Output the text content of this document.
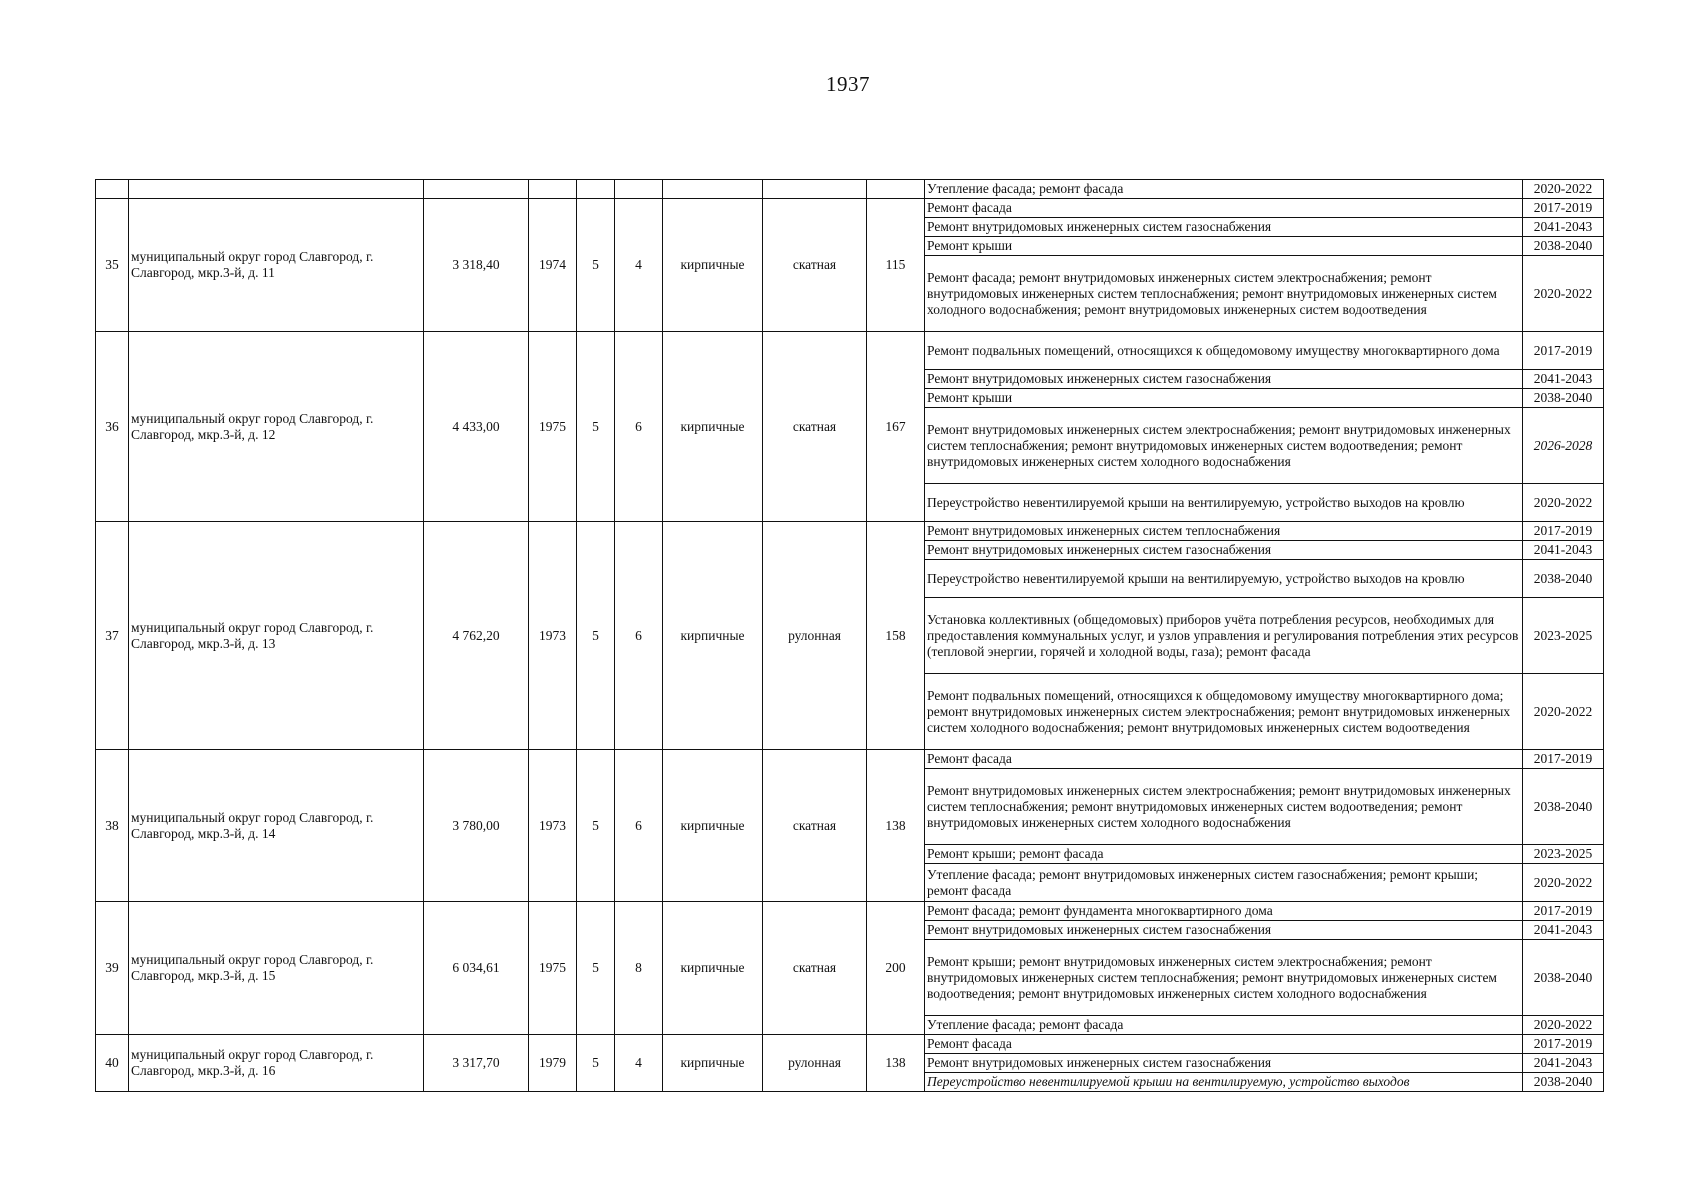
1937
									Утепление фасада; ремонт фасада	2020-2022
35	муниципальный округ город Славгород, г. Славгород, мкр.3-й, д. 11	3 318,40	1974	5	4	кирпичные	скатная	115	Ремонт фасада	2017-2019
									Ремонт внутридомовых инженерных систем газоснабжения	2041-2043
									Ремонт крыши	2038-2040
									Ремонт фасада; ремонт внутридомовых инженерных систем электроснабжения; ремонт внутридомовых инженерных систем теплоснабжения; ремонт внутридомовых инженерных систем холодного водоснабжения; ремонт внутридомовых инженерных систем водоотведения	2020-2022
36	муниципальный округ город Славгород, г. Славгород, мкр.3-й, д. 12	4 433,00	1975	5	6	кирпичные	скатная	167	Ремонт подвальных помещений, относящихся к общедомовому имуществу многоквартирного дома	2017-2019
									Ремонт внутридомовых инженерных систем газоснабжения	2041-2043
									Ремонт крыши	2038-2040
									Ремонт внутридомовых инженерных систем электроснабжения; ремонт внутридомовых инженерных систем теплоснабжения; ремонт внутридомовых инженерных систем водоотведения; ремонт внутридомовых инженерных систем холодного водоснабжения	2026-2028
									Переустройство невентилируемой крыши на вентилируемую, устройство выходов на кровлю	2020-2022
37	муниципальный округ город Славгород, г. Славгород, мкр.3-й, д. 13	4 762,20	1973	5	6	кирпичные	рулонная	158	Ремонт внутридомовых инженерных систем теплоснабжения	2017-2019
									Ремонт внутридомовых инженерных систем газоснабжения	2041-2043
									Переустройство невентилируемой крыши на вентилируемую, устройство выходов на кровлю	2038-2040
									Установка коллективных (общедомовых) приборов учёта потребления ресурсов, необходимых для предоставления коммунальных услуг, и узлов управления и регулирования потребления этих ресурсов (тепловой энергии, горячей и холодной воды, газа); ремонт фасада	2023-2025
									Ремонт подвальных помещений, относящихся к общедомовому имуществу многоквартирного дома; ремонт внутридомовых инженерных систем электроснабжения; ремонт внутридомовых инженерных систем холодного водоснабжения; ремонт внутридомовых инженерных систем водоотведения	2020-2022
38	муниципальный округ город Славгород, г. Славгород, мкр.3-й, д. 14	3 780,00	1973	5	6	кирпичные	скатная	138	Ремонт фасада	2017-2019
									Ремонт внутридомовых инженерных систем электроснабжения; ремонт внутридомовых инженерных систем теплоснабжения; ремонт внутридомовых инженерных систем водоотведения; ремонт внутридомовых инженерных систем холодного водоснабжения	2038-2040
									Ремонт крыши; ремонт фасада	2023-2025
									Утепление фасада; ремонт внутридомовых инженерных систем газоснабжения; ремонт крыши; ремонт фасада	2020-2022
39	муниципальный округ город Славгород, г. Славгород, мкр.3-й, д. 15	6 034,61	1975	5	8	кирпичные	скатная	200	Ремонт фасада; ремонт фундамента многоквартирного дома	2017-2019
									Ремонт внутридомовых инженерных систем газоснабжения	2041-2043
									Ремонт крыши; ремонт внутридомовых инженерных систем электроснабжения; ремонт внутридомовых инженерных систем теплоснабжения; ремонт внутридомовых инженерных систем водоотведения; ремонт внутридомовых инженерных систем холодного водоснабжения	2038-2040
									Утепление фасада; ремонт фасада	2020-2022
40	муниципальный округ город Славгород, г. Славгород, мкр.3-й, д. 16	3 317,70	1979	5	4	кирпичные	рулонная	138	Ремонт фасада	2017-2019
									Ремонт внутридомовых инженерных систем газоснабжения	2041-2043
									Переустройство невентилируемой крыши на вентилируемую, устройство выходов	2038-2040
